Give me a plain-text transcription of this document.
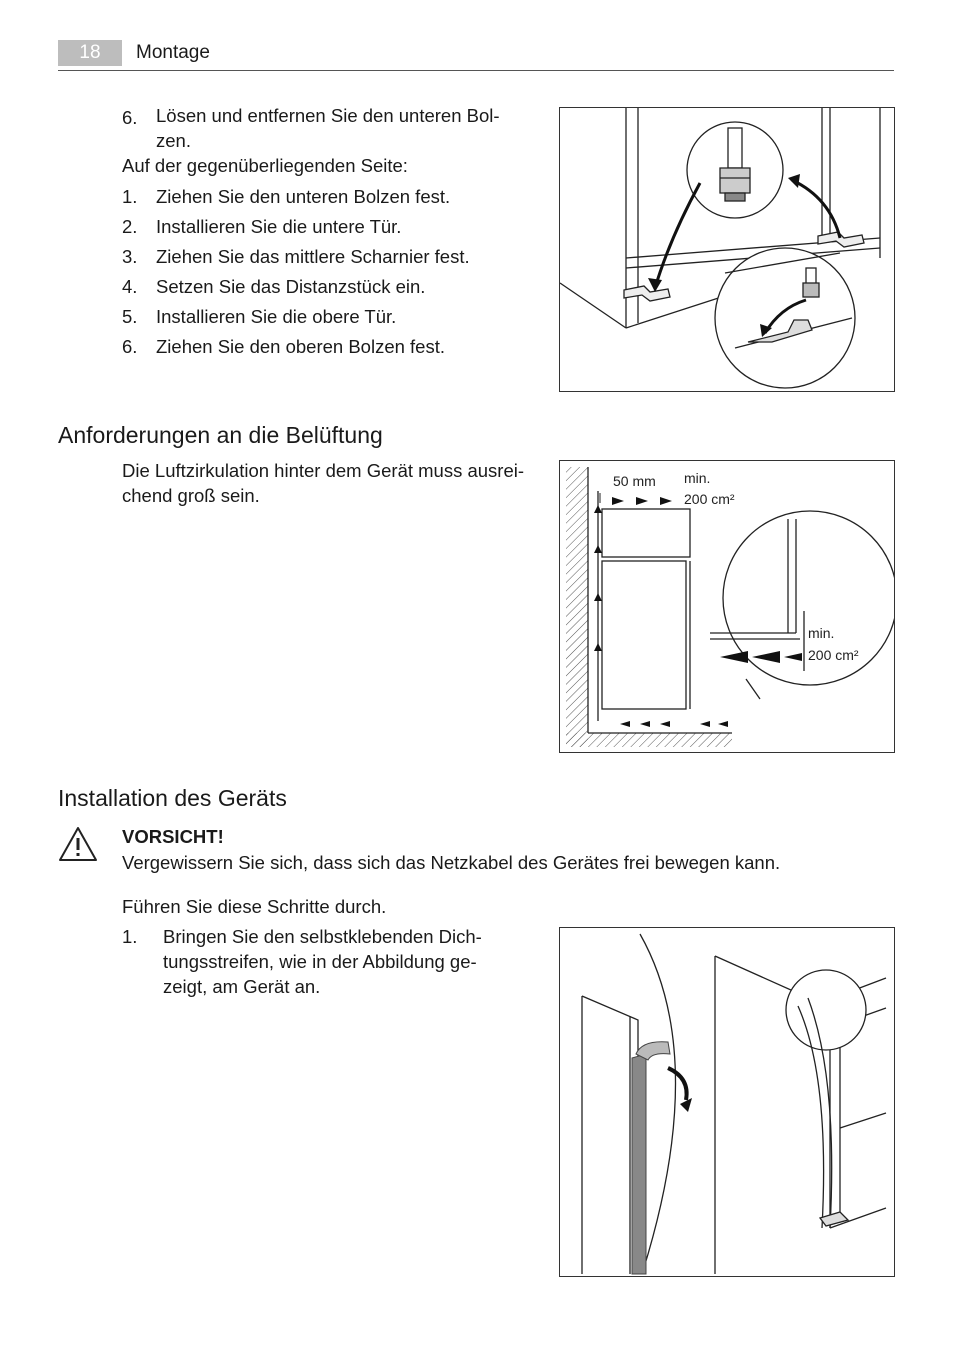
18	Montage
6. Lösen und entfernen Sie den unteren Bol-
zen.
Auf der gegenüberliegenden Seite:
1. Ziehen Sie den unteren Bolzen fest.
2. Installieren Sie die untere Tür.
3. Ziehen Sie das mittlere Scharnier fest.
4. Setzen Sie das Distanzstück ein.
5. Installieren Sie die obere Tür.
6. Ziehen Sie den oberen Bolzen fest.
Anforderungen an die Belüftung
Die Luftzirkulation hinter dem Gerät muss ausrei-
chend groß sein.
50 mm min.
200 cm²
min.
200 cm²
Installation des Geräts
VORSICHT!
Vergewissern Sie sich, dass sich das Netzkabel des Gerätes frei bewegen kann.
Führen Sie diese Schritte durch.
1. Bringen Sie den selbstklebenden Dich-
tungsstreifen, wie in der Abbildung ge-
zeigt, am Gerät an.
